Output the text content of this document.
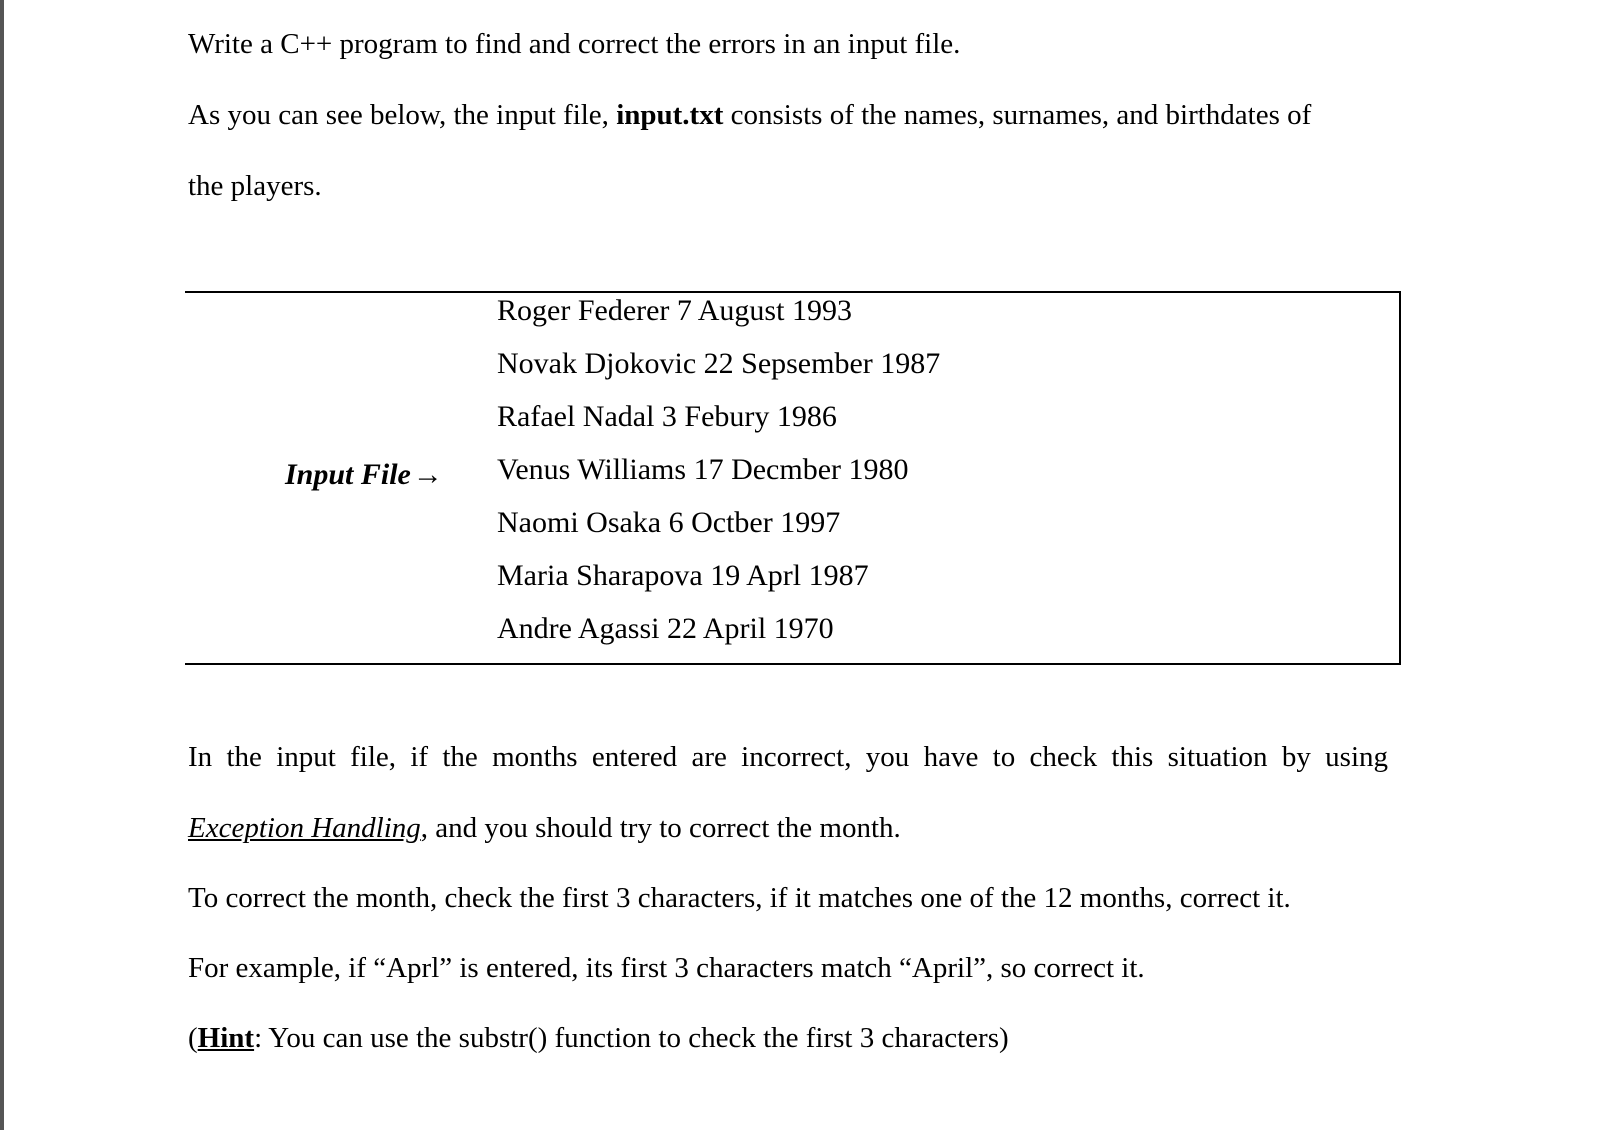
Write a C++ program to find and correct the errors in an input file.

As you can see below, the input file, input.txt consists of the names, surnames, and birthdates of

the players.

Input File→
Roger Federer 7 August 1993
Novak Djokovic 22 Sepsember 1987
Rafael Nadal 3 Febury 1986
Venus Williams 17 Decmber 1980
Naomi Osaka 6 Octber 1997
Maria Sharapova 19 Aprl 1987
Andre Agassi 22 April 1970

In the input file, if the months entered are incorrect, you have to check this situation by using

Exception Handling, and you should try to correct the month.

To correct the month, check the first 3 characters, if it matches one of the 12 months, correct it.

For example, if “Aprl” is entered, its first 3 characters match “April”, so correct it.

(Hint: You can use the substr() function to check the first 3 characters)
